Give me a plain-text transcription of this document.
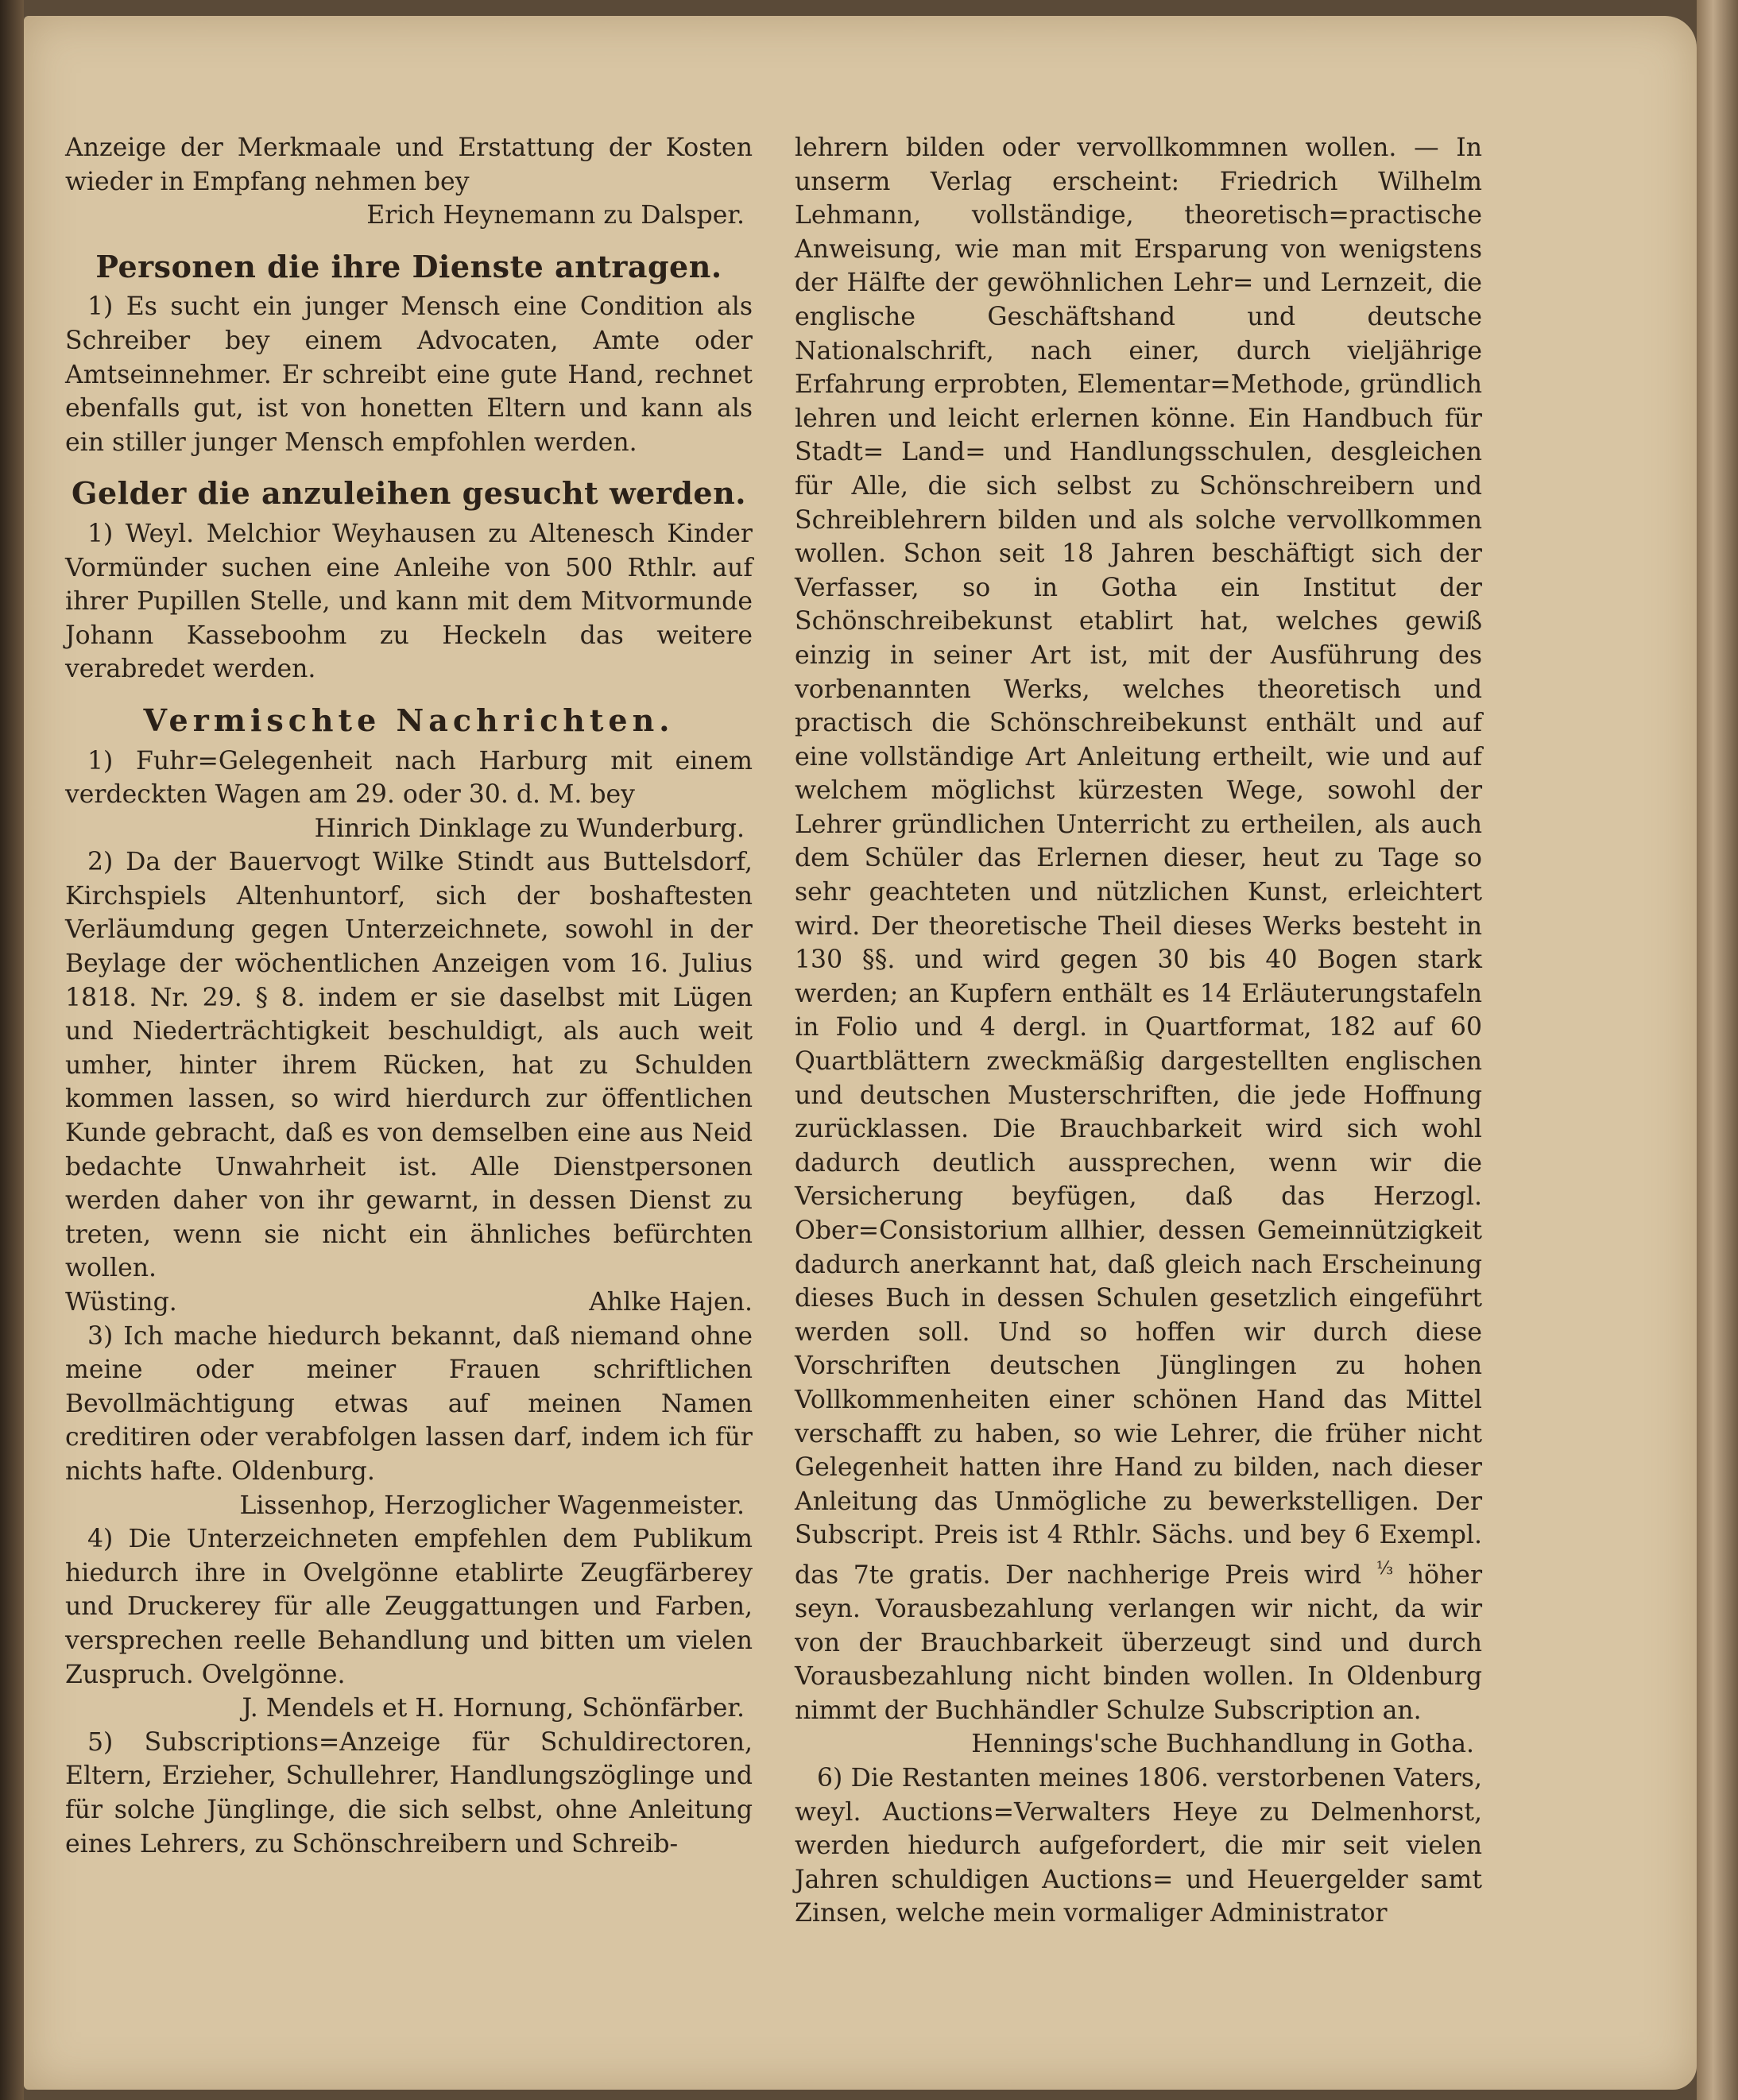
Anzeige der Merkmaale und Erstattung der Kosten wieder in Empfang nehmen bey

Erich Heynemann zu Dalsper.

Personen die ihre Dienste antragen.

1) Es sucht ein junger Mensch eine Condition als Schreiber bey einem Advocaten, Amte oder Amtseinnehmer. Er schreibt eine gute Hand, rechnet ebenfalls gut, ist von honetten Eltern und kann als ein stiller junger Mensch empfohlen werden.

Gelder die anzuleihen gesucht werden.

1) Weyl. Melchior Weyhausen zu Altenesch Kinder Vormünder suchen eine Anleihe von 500 Rthlr. auf ihrer Pupillen Stelle, und kann mit dem Mitvormunde Johann Kasseboohm zu Heckeln das weitere verabredet werden.

Vermischte Nachrichten.

1) Fuhr=Gelegenheit nach Harburg mit einem verdeckten Wagen am 29. oder 30. d. M. bey

Hinrich Dinklage zu Wunderburg.

2) Da der Bauervogt Wilke Stindt aus Buttelsdorf, Kirchspiels Altenhuntorf, sich der boshaftesten Verläumdung gegen Unterzeichnete, sowohl in der Beylage der wöchentlichen Anzeigen vom 16. Julius 1818. Nr. 29. § 8. indem er sie daselbst mit Lügen und Niederträchtigkeit beschuldigt, als auch weit umher, hinter ihrem Rücken, hat zu Schulden kommen lassen, so wird hierdurch zur öffentlichen Kunde gebracht, daß es von demselben eine aus Neid bedachte Unwahrheit ist. Alle Dienstpersonen werden daher von ihr gewarnt, in dessen Dienst zu treten, wenn sie nicht ein ähnliches befürchten wollen.

Wüsting.	Ahlke Hajen.

3) Ich mache hiedurch bekannt, daß niemand ohne meine oder meiner Frauen schriftlichen Bevollmächtigung etwas auf meinen Namen creditiren oder verabfolgen lassen darf, indem ich für nichts hafte. Oldenburg.

Lissenhop, Herzoglicher Wagenmeister.

4) Die Unterzeichneten empfehlen dem Publikum hiedurch ihre in Ovelgönne etablirte Zeugfärberey und Druckerey für alle Zeuggattungen und Farben, versprechen reelle Behandlung und bitten um vielen Zuspruch. Ovelgönne.

J. Mendels et H. Hornung, Schönfärber.

5) Subscriptions=Anzeige für Schuldirectoren, Eltern, Erzieher, Schullehrer, Handlungszöglinge und für solche Jünglinge, die sich selbst, ohne Anleitung eines Lehrers, zu Schönschreibern und Schreib-

lehrern bilden oder vervollkommnen wollen. — In unserm Verlag erscheint: Friedrich Wilhelm Lehmann, vollständige, theoretisch=practische Anweisung, wie man mit Ersparung von wenigstens der Hälfte der gewöhnlichen Lehr= und Lernzeit, die englische Geschäftshand und deutsche Nationalschrift, nach einer, durch vieljährige Erfahrung erprobten, Elementar=Methode, gründlich lehren und leicht erlernen könne. Ein Handbuch für Stadt= Land= und Handlungsschulen, desgleichen für Alle, die sich selbst zu Schönschreibern und Schreiblehrern bilden und als solche vervollkommen wollen. Schon seit 18 Jahren beschäftigt sich der Verfasser, so in Gotha ein Institut der Schönschreibekunst etablirt hat, welches gewiß einzig in seiner Art ist, mit der Ausführung des vorbenannten Werks, welches theoretisch und practisch die Schönschreibekunst enthält und auf eine vollständige Art Anleitung ertheilt, wie und auf welchem möglichst kürzesten Wege, sowohl der Lehrer gründlichen Unterricht zu ertheilen, als auch dem Schüler das Erlernen dieser, heut zu Tage so sehr geachteten und nützlichen Kunst, erleichtert wird. Der theoretische Theil dieses Werks besteht in 130 §§. und wird gegen 30 bis 40 Bogen stark werden; an Kupfern enthält es 14 Erläuterungstafeln in Folio und 4 dergl. in Quartformat, 182 auf 60 Quartblättern zweckmäßig dargestellten englischen und deutschen Musterschriften, die jede Hoffnung zurücklassen. Die Brauchbarkeit wird sich wohl dadurch deutlich aussprechen, wenn wir die Versicherung beyfügen, daß das Herzogl. Ober=Consistorium allhier, dessen Gemeinnützigkeit dadurch anerkannt hat, daß gleich nach Erscheinung dieses Buch in dessen Schulen gesetzlich eingeführt werden soll. Und so hoffen wir durch diese Vorschriften deutschen Jünglingen zu hohen Vollkommenheiten einer schönen Hand das Mittel verschafft zu haben, so wie Lehrer, die früher nicht Gelegenheit hatten ihre Hand zu bilden, nach dieser Anleitung das Unmögliche zu bewerkstelligen. Der Subscript. Preis ist 4 Rthlr. Sächs. und bey 6 Exempl. das 7te gratis. Der nachherige Preis wird $^{\frac{1}{3}}$ höher seyn. Vorausbezahlung verlangen wir nicht, da wir von der Brauchbarkeit überzeugt sind und durch Vorausbezahlung nicht binden wollen. In Oldenburg nimmt der Buchhändler Schulze Subscription an.

Hennings'sche Buchhandlung in Gotha.

6) Die Restanten meines 1806. verstorbenen Vaters, weyl. Auctions=Verwalters Heye zu Delmenhorst, werden hiedurch aufgefordert, die mir seit vielen Jahren schuldigen Auctions= und Heuergelder samt Zinsen, welche mein vormaliger Administrator
